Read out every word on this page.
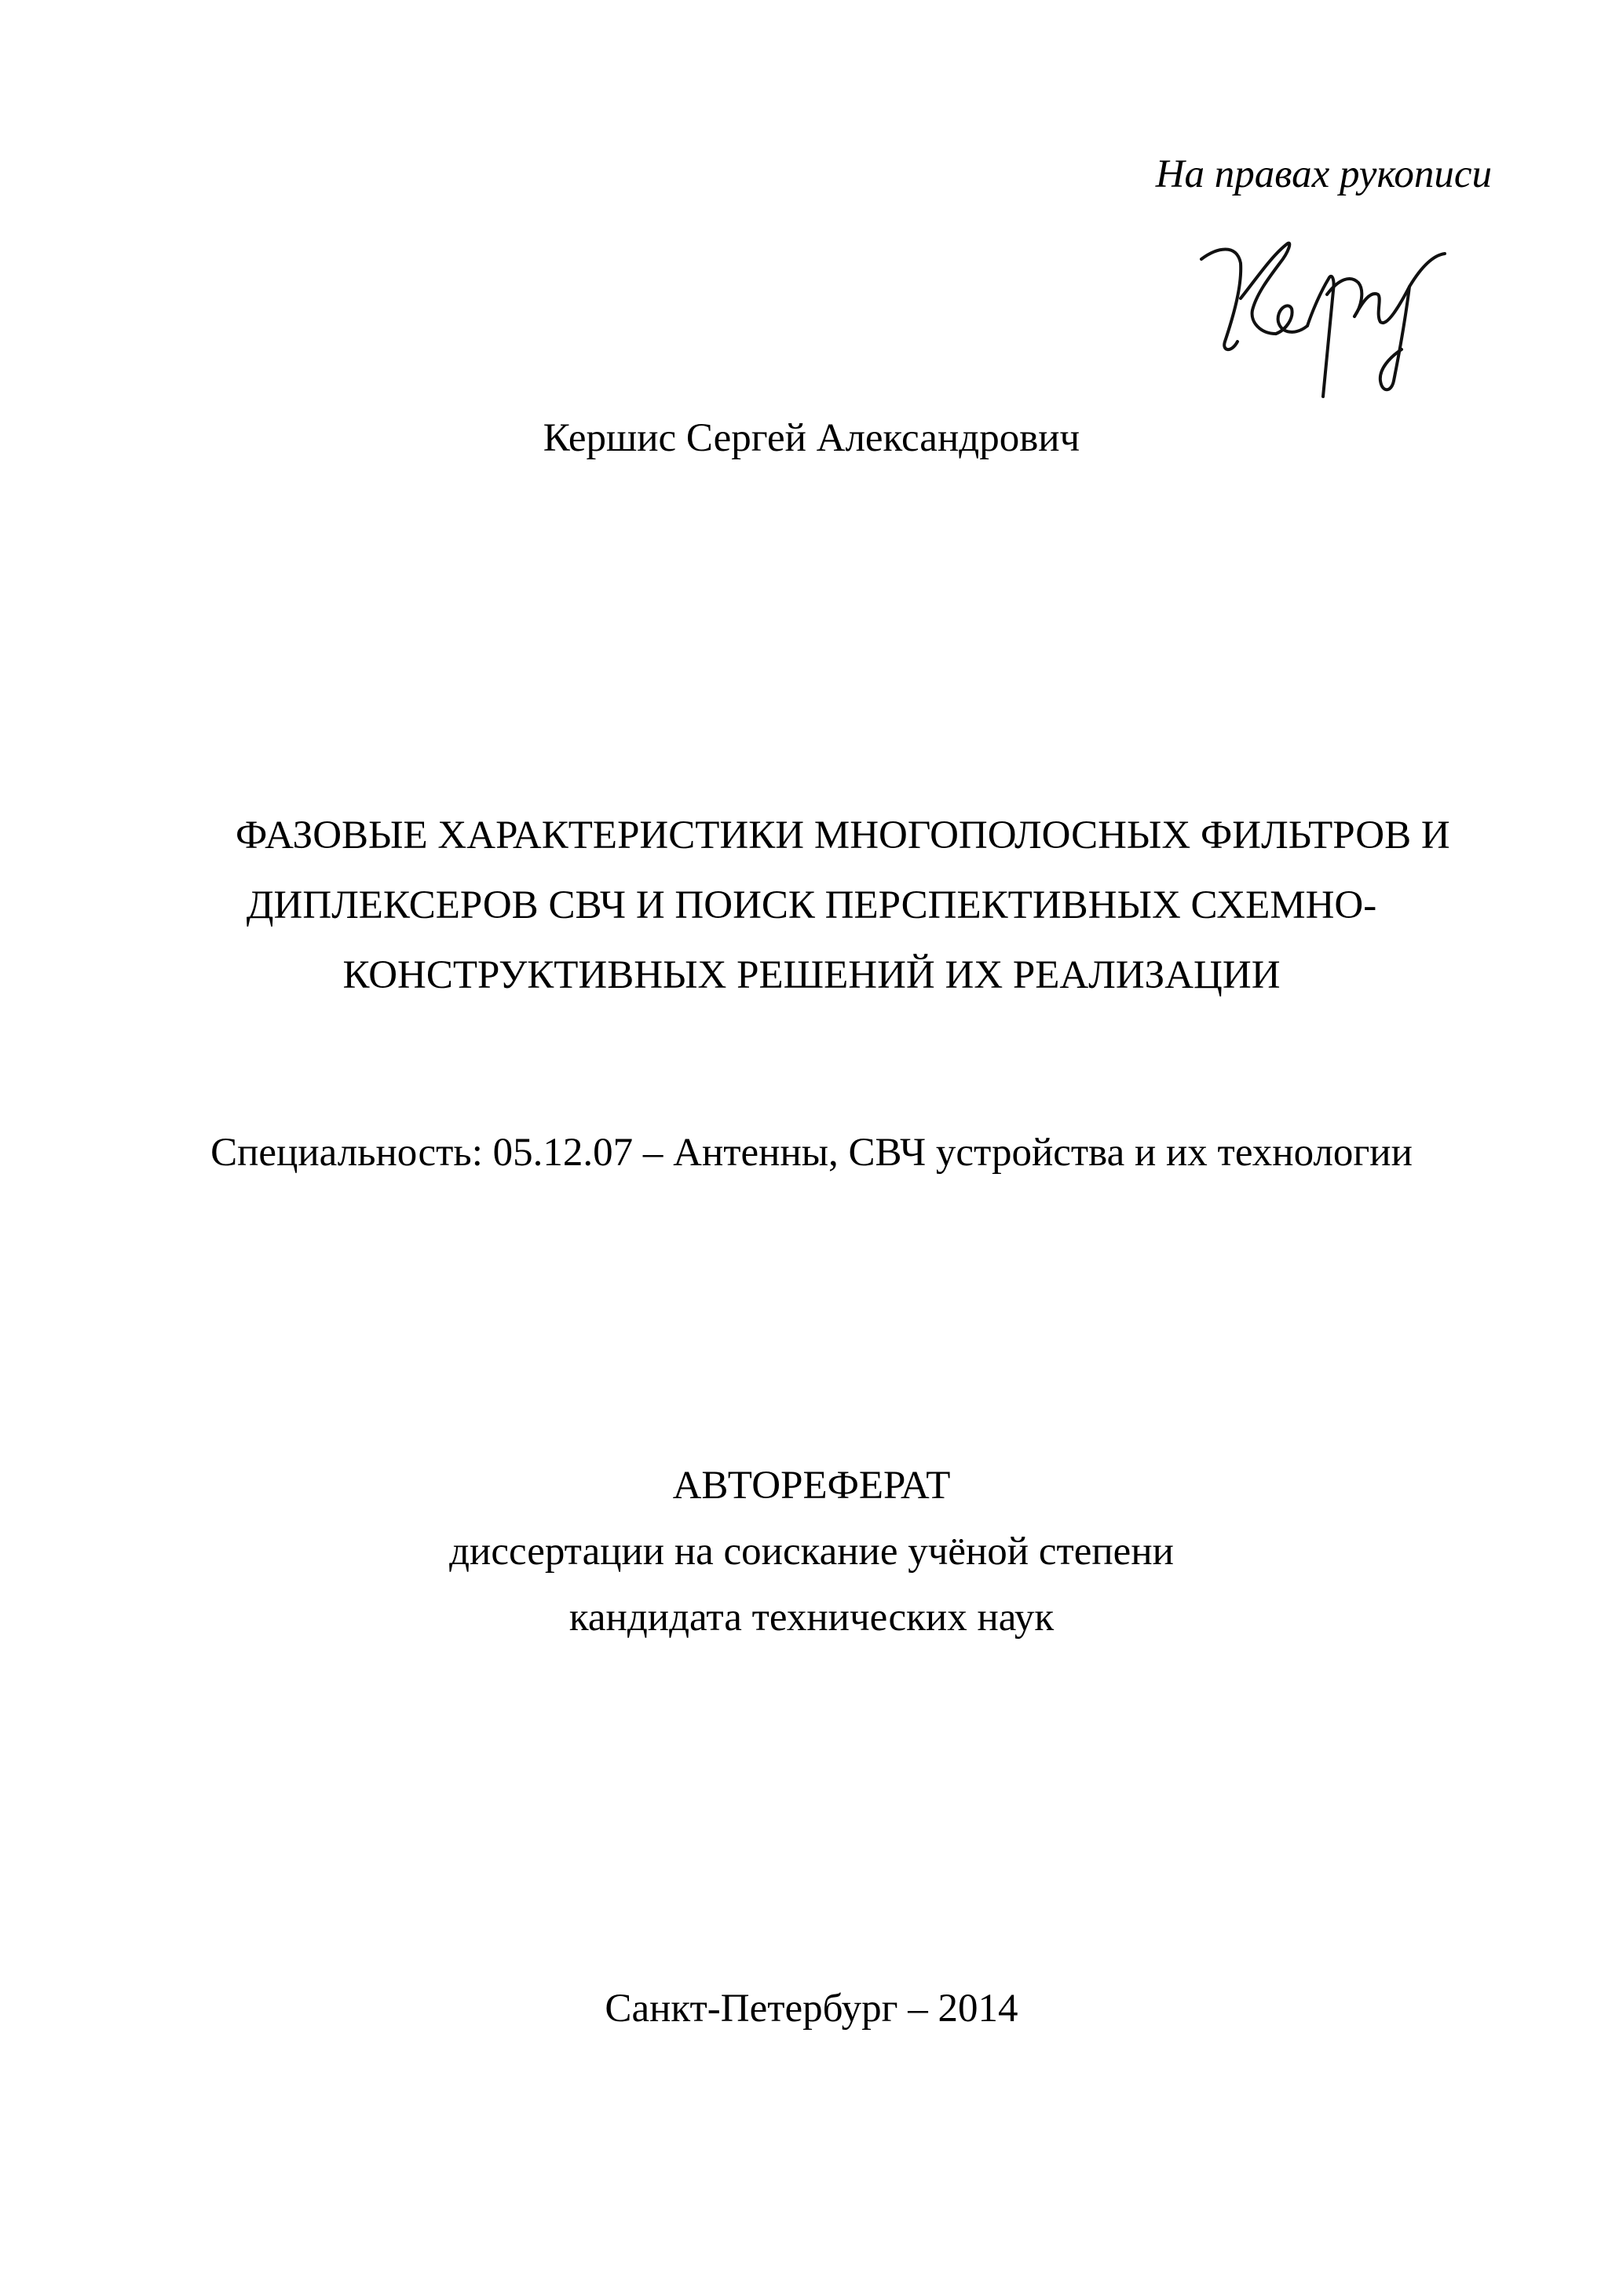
На правах рукописи
Кершис Сергей Александрович
ФАЗОВЫЕ ХАРАКТЕРИСТИКИ МНОГОПОЛОСНЫХ ФИЛЬТРОВ И
ДИПЛЕКСЕРОВ СВЧ И ПОИСК ПЕРСПЕКТИВНЫХ СХЕМНО-
КОНСТРУКТИВНЫХ РЕШЕНИЙ ИХ РЕАЛИЗАЦИИ
Специальность: 05.12.07 – Антенны, СВЧ устройства и их технологии
АВТОРЕФЕРАТ
диссертации на соискание учёной степени
кандидата технических наук
Санкт-Петербург – 2014
